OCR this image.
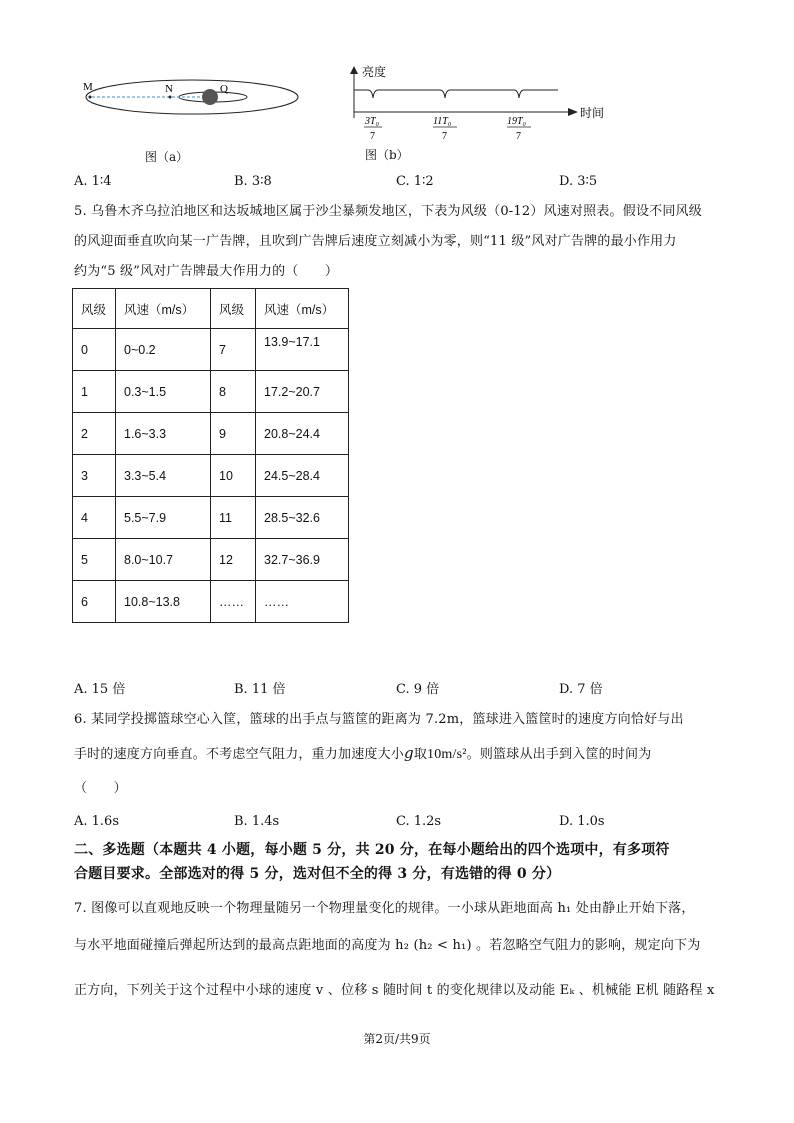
M	N	Q
图（a）
亮度
时间
3T₀
7
11T₀
7
19T₀
7
图（b）
A. 1∶4	B. 3∶8	C. 1∶2	D. 3∶5
5. 乌鲁木齐乌拉泊地区和达坂城地区属于沙尘暴频发地区，下表为风级（0-12）风速对照表。假设不同风级
的风迎面垂直吹向某一广告牌，且吹到广告牌后速度立刻减小为零，则“11 级”风对广告牌的最小作用力
约为“5 级”风对广告牌最大作用力的（　　）
风级	风速（m/s）	风级	风速（m/s）
0	0~0.2	7	13.9~17.1
1	0.3~1.5	8	17.2~20.7
2	1.6~3.3	9	20.8~24.4
3	3.3~5.4	10	24.5~28.4
4	5.5~7.9	11	28.5~32.6
5	8.0~10.7	12	32.7~36.9
6	10.8~13.8	……	……
A. 15 倍	B. 11 倍	C. 9 倍	D. 7 倍
6. 某同学投掷篮球空心入筐，篮球的出手点与篮筐的距离为 7.2m，篮球进入篮筐时的速度方向恰好与出
手时的速度方向垂直。不考虑空气阻力，重力加速度大小g取10m/s²。则篮球从出手到入筐的时间为
（　　）
A. 1.6s	B. 1.4s	C. 1.2s	D. 1.0s
二、多选题（本题共 4 小题，每小题 5 分，共 20 分，在每小题给出的四个选项中，有多项符
合题目要求。全部选对的得 5 分，选对但不全的得 3 分，有选错的得 0 分）
7. 图像可以直观地反映一个物理量随另一个物理量变化的规律。一小球从距地面高 h₁ 处由静止开始下落，
与水平地面碰撞后弹起所达到的最高点距地面的高度为 h₂ (h₂ < h₁) 。若忽略空气阻力的影响，规定向下为
正方向，下列关于这个过程中小球的速度 v 、位移 s 随时间 t 的变化规律以及动能 Eₖ 、机械能 E机 随路程 x
第2页/共9页
